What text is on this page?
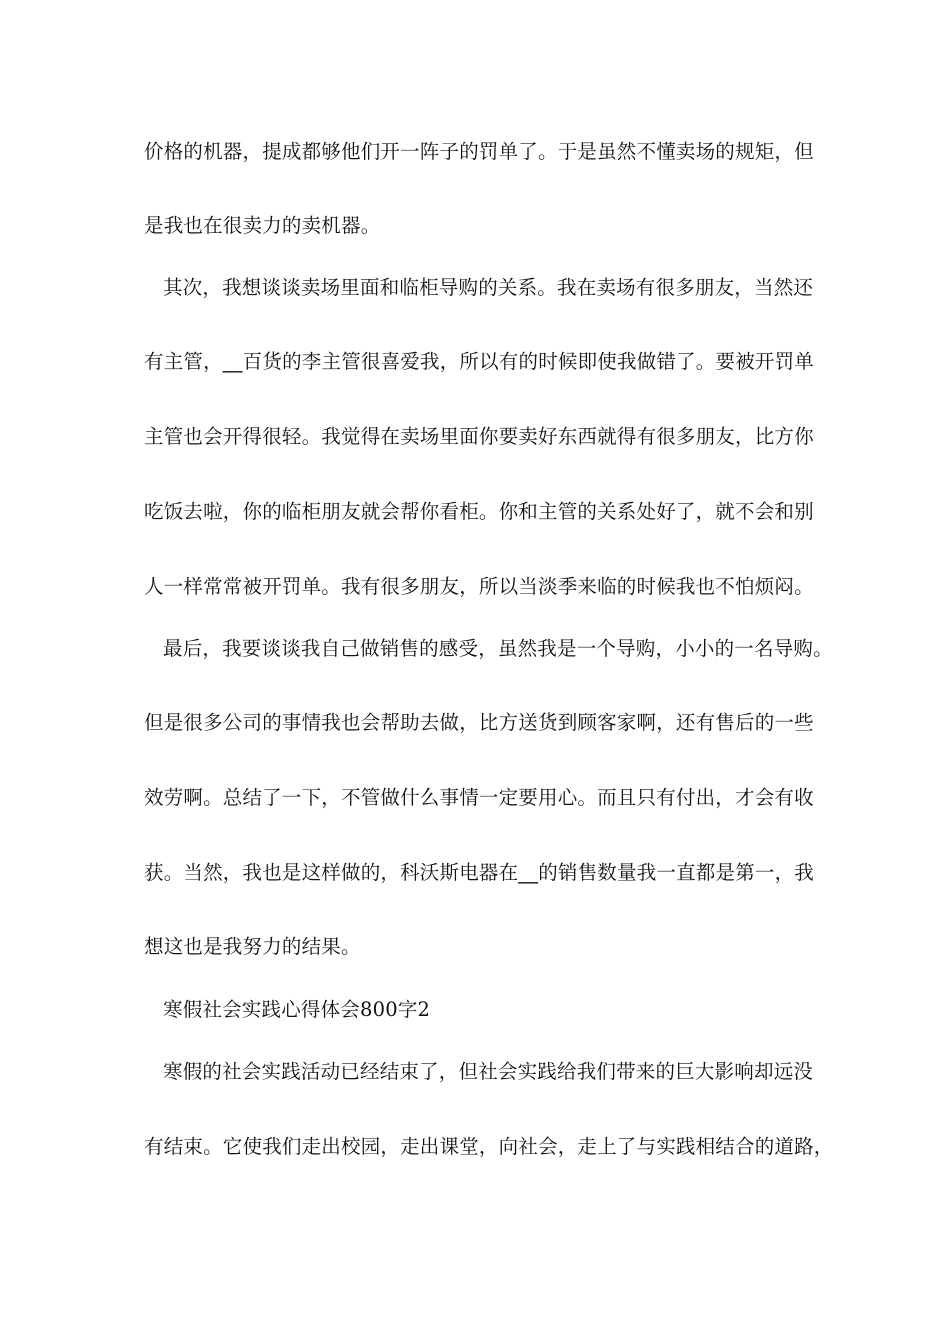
价格的机器，提成都够他们开一阵子的罚单了。于是虽然不懂卖场的规矩，但
是我也在很卖力的卖机器。
其次，我想谈谈卖场里面和临柜导购的关系。我在卖场有很多朋友，当然还
有主管，__百货的李主管很喜爱我，所以有的时候即使我做错了。要被开罚单
主管也会开得很轻。我觉得在卖场里面你要卖好东西就得有很多朋友，比方你
吃饭去啦，你的临柜朋友就会帮你看柜。你和主管的关系处好了，就不会和别
人一样常常被开罚单。我有很多朋友，所以当淡季来临的时候我也不怕烦闷。
最后，我要谈谈我自己做销售的感受，虽然我是一个导购，小小的一名导购。
但是很多公司的事情我也会帮助去做，比方送货到顾客家啊，还有售后的一些
效劳啊。总结了一下，不管做什么事情一定要用心。而且只有付出，才会有收
获。当然，我也是这样做的，科沃斯电器在__的销售数量我一直都是第一，我
想这也是我努力的结果。
寒假社会实践心得体会800字2
寒假的社会实践活动已经结束了，但社会实践给我们带来的巨大影响却远没
有结束。它使我们走出校园，走出课堂，向社会，走上了与实践相结合的道路，
